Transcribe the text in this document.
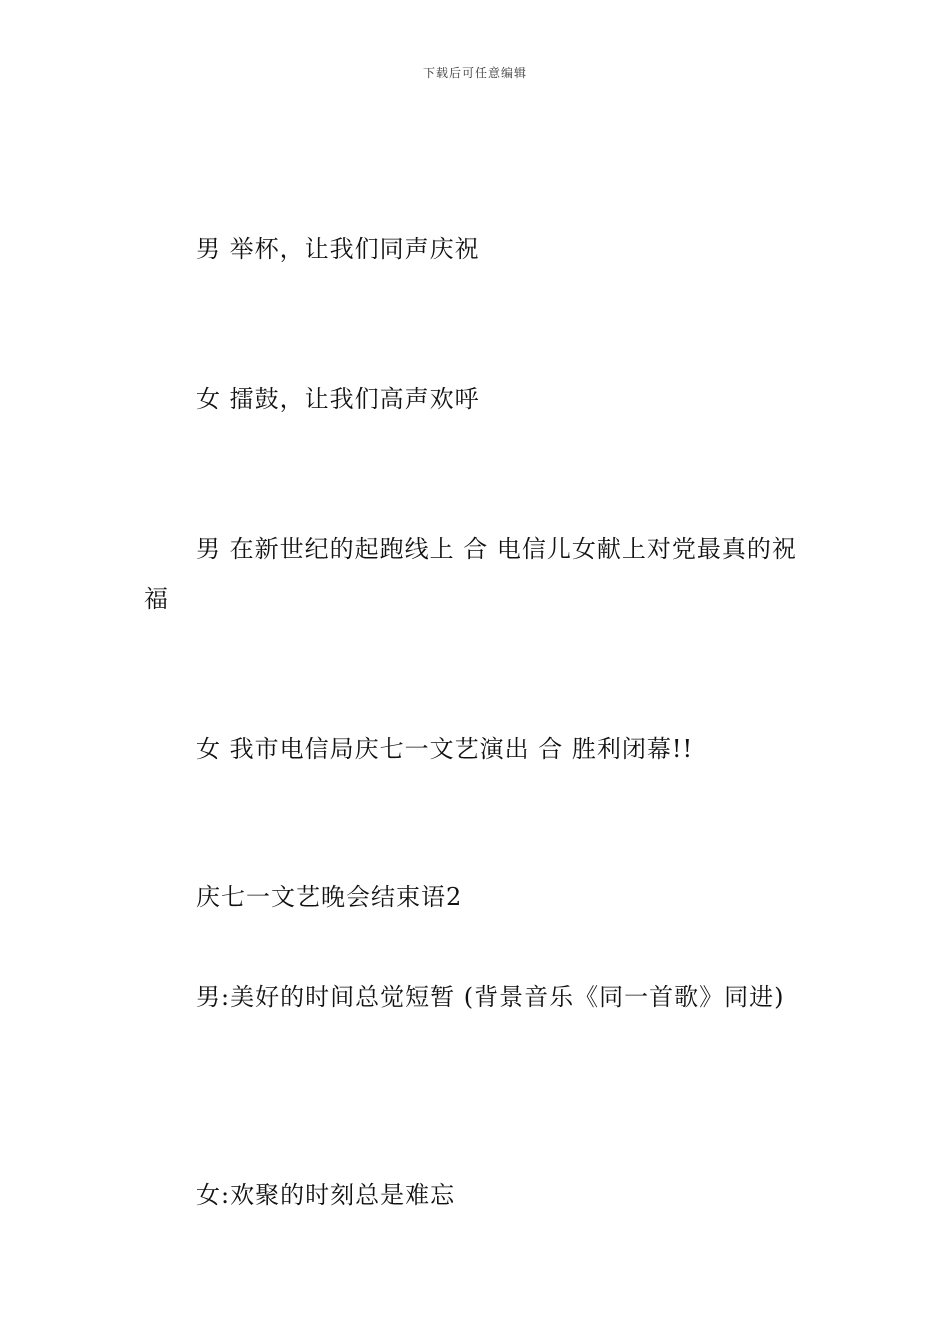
下载后可任意编辑
男 举杯，让我们同声庆祝
女 擂鼓，让我们高声欢呼
男 在新世纪的起跑线上 合 电信儿女献上对党最真的祝福
女 我市电信局庆七一文艺演出 合 胜利闭幕!!
庆七一文艺晚会结束语2
男:美好的时间总觉短暂 (背景音乐《同一首歌》同进)
女:欢聚的时刻总是难忘
